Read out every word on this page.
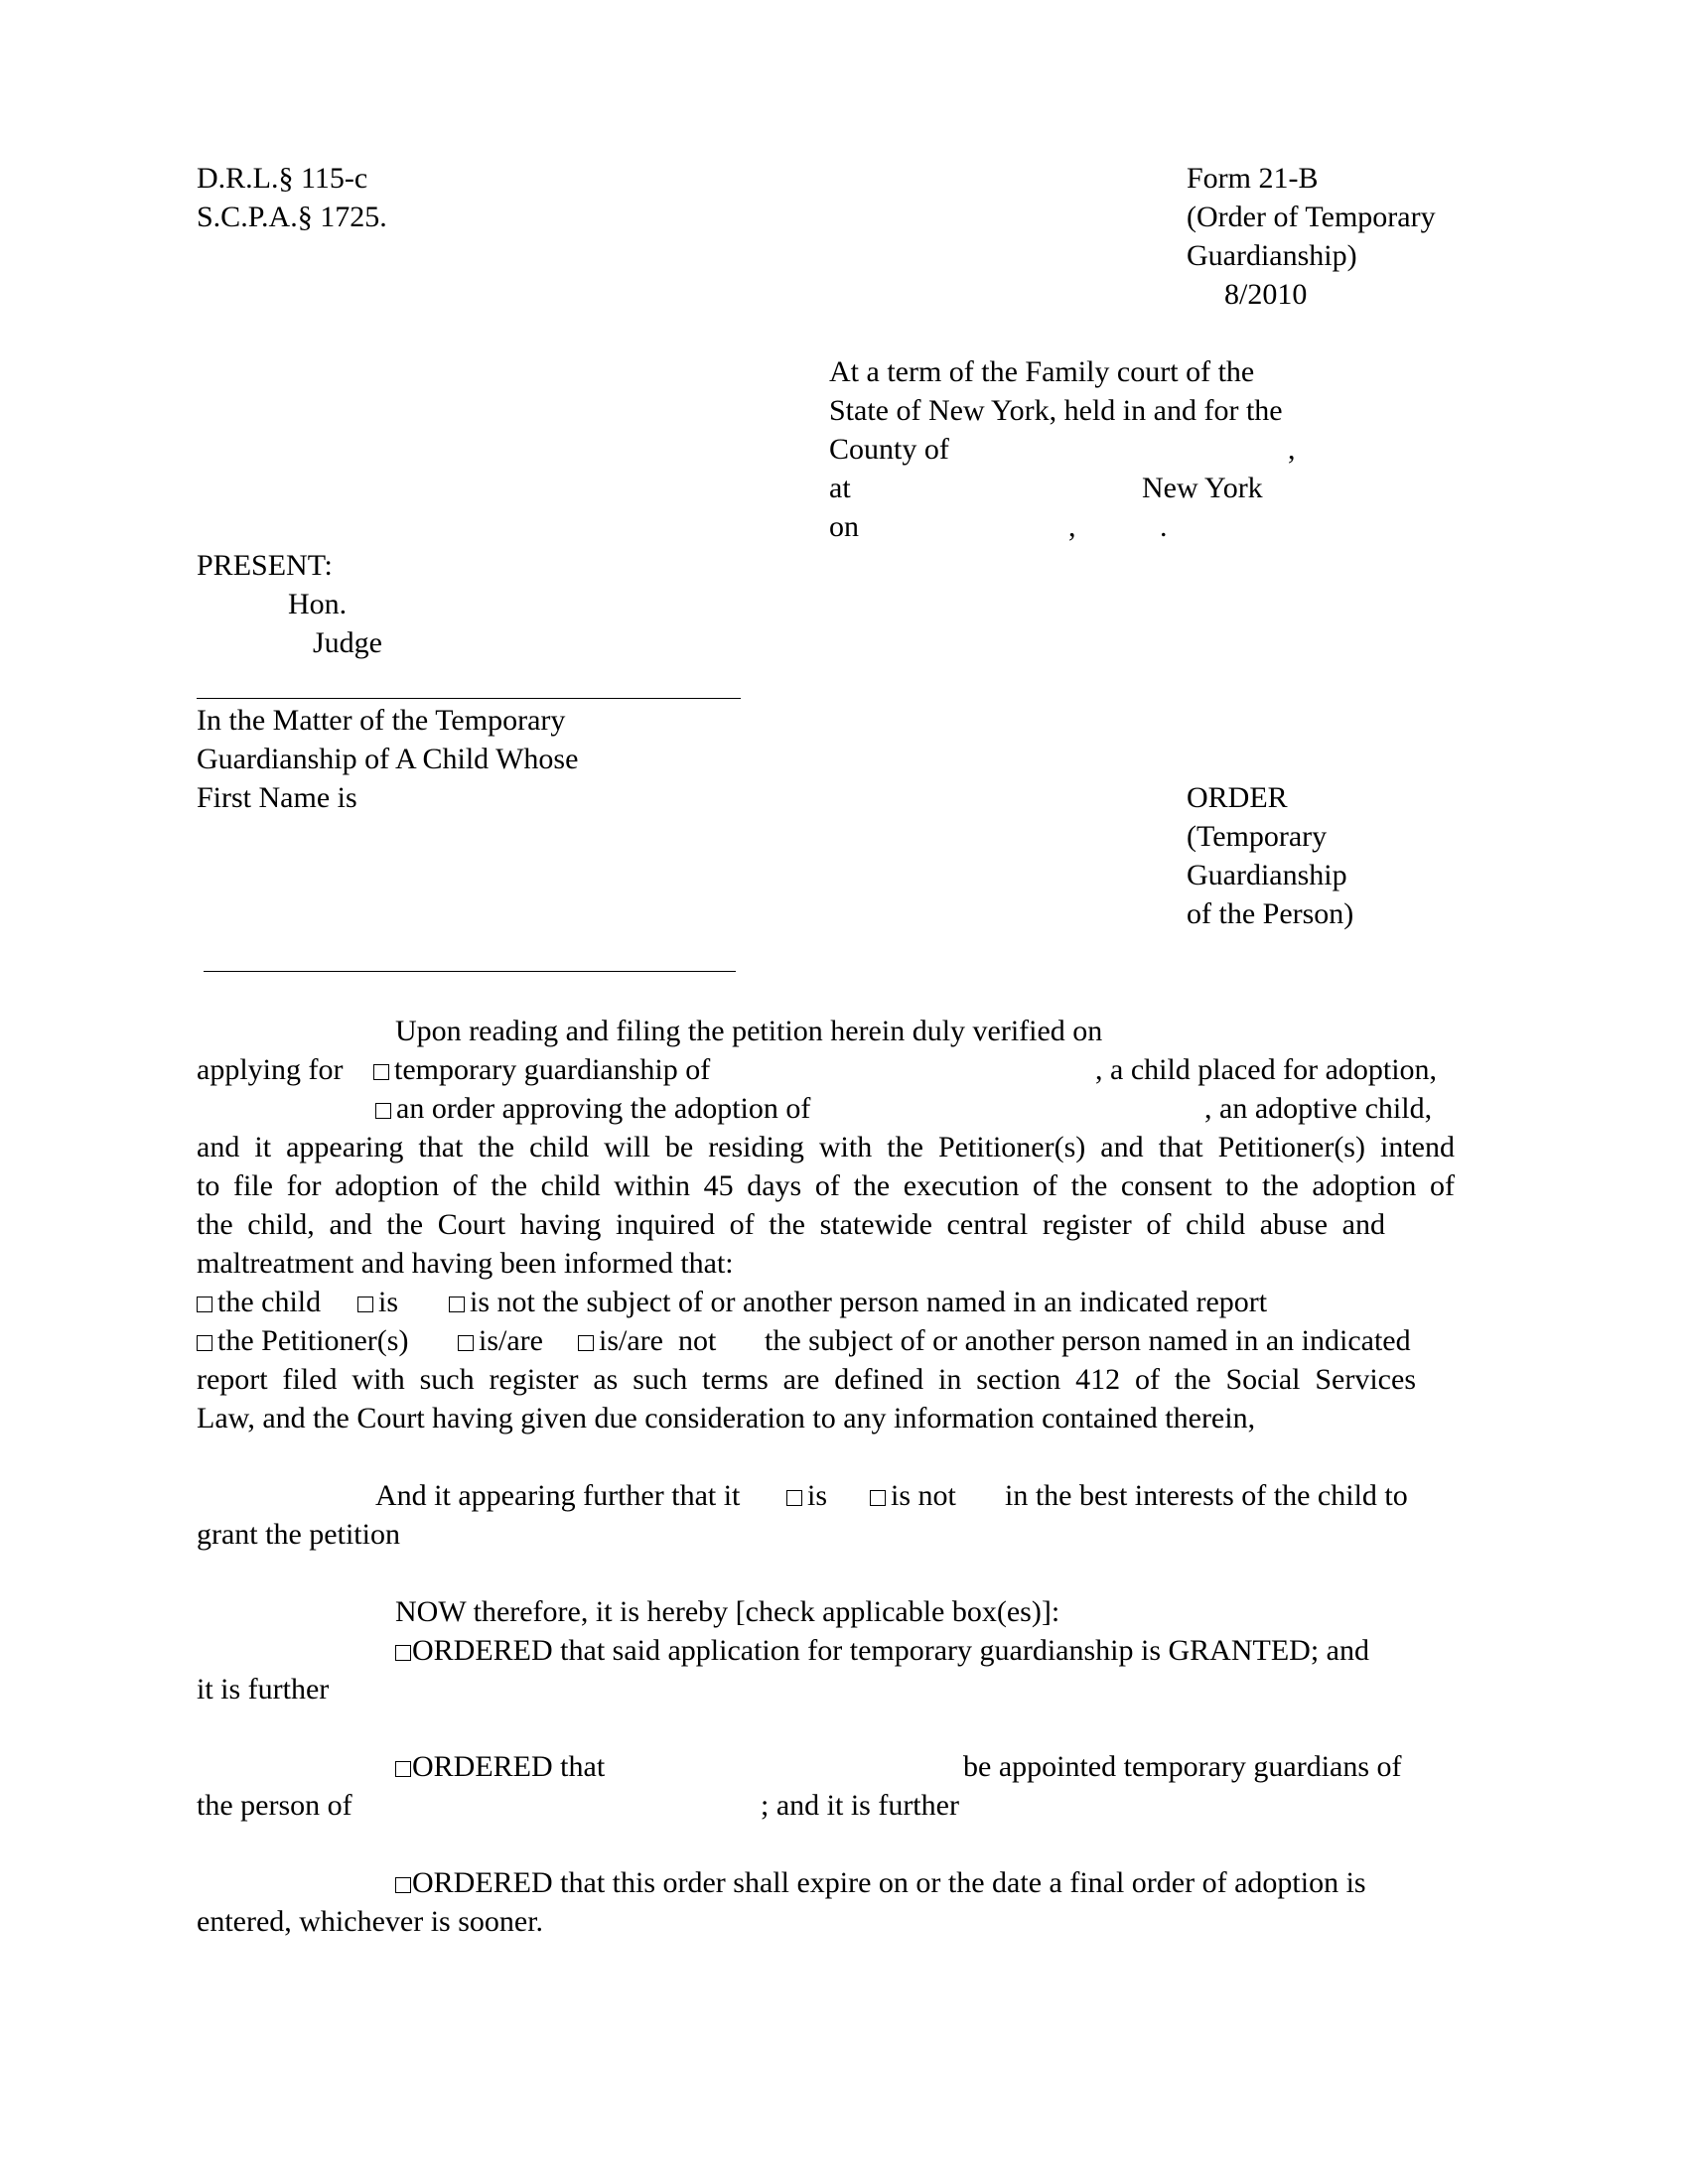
D.R.L.§ 115-c
S.C.P.A.§ 1725.
Form 21-B
(Order of Temporary
Guardianship)
8/2010
At a term of the Family court of the
State of New York, held in and for the
County of	,
at	New York
on	,	.
PRESENT:
Hon.
Judge
In the Matter of the Temporary
Guardianship of A Child Whose
First Name is	ORDER
(Temporary
Guardianship
of the Person)
Upon reading and filing the petition herein duly verified on
applying for	temporary guardianship of	, a child placed for adoption,
an order approving the adoption of	, an adoptive child,
and it appearing that the child will be residing with the Petitioner(s) and that Petitioner(s) intend
to file for adoption of the child within 45 days of the execution of the consent to the adoption of
the child, and the Court having inquired of the statewide central register of child abuse and
maltreatment and having been informed that:
the child	is	is not the subject of or another person named in an indicated report
the Petitioner(s)	is/are	is/are  not the subject of or another person named in an indicated
report filed with such register as such terms are defined in section 412 of the Social Services
Law, and the Court having given due consideration to any information contained therein,
And it appearing further that it	is	is not in the best interests of the child to
grant the petition
NOW therefore, it is hereby [check applicable box(es)]:
ORDERED that said application for temporary guardianship is GRANTED; and
it is further
ORDERED that	be appointed temporary guardians of
the person of	; and it is further
ORDERED that this order shall expire on or the date a final order of adoption is
entered, whichever is sooner.
